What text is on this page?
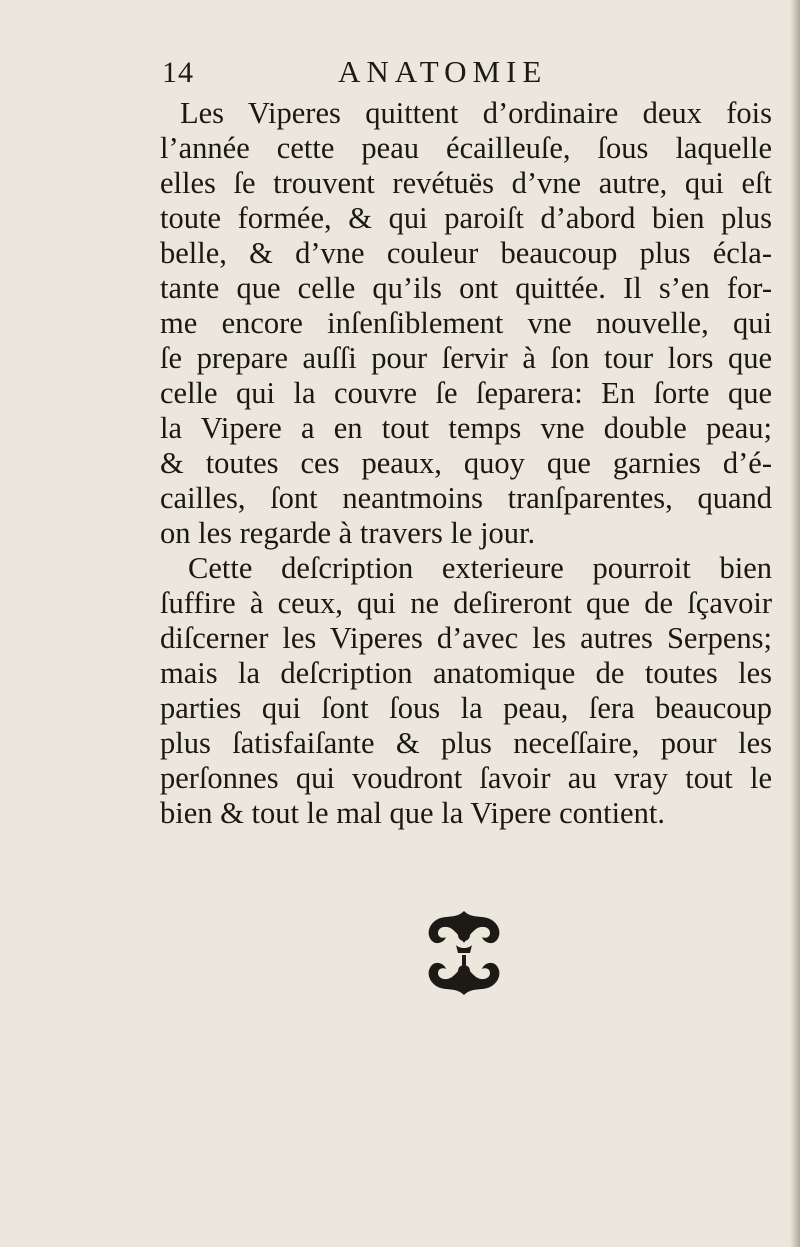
14	ANATOMIE
Les Viperes quittent d’ordinaire deux fois
l’année cette peau écailleuſe, ſous laquelle
elles ſe trouvent revétuës d’vne autre, qui eſt
toute formée, & qui paroiſt d’abord bien plus
belle, & d’vne couleur beaucoup plus écla-
tante que celle qu’ils ont quittée. Il s’en for-
me encore inſenſiblement vne nouvelle, qui
ſe prepare auſſi pour ſervir à ſon tour lors que
celle qui la couvre ſe ſeparera: En ſorte que
la Vipere a en tout temps vne double peau;
& toutes ces peaux, quoy que garnies d’é-
cailles, ſont neantmoins tranſparentes, quand
on les regarde à travers le jour.
Cette deſcription exterieure pourroit bien
ſuffire à ceux, qui ne deſireront que de ſçavoir
diſcerner les Viperes d’avec les autres Serpens;
mais la deſcription anatomique de toutes les
parties qui ſont ſous la peau, ſera beaucoup
plus ſatisfaiſante & plus neceſſaire, pour les
perſonnes qui voudront ſavoir au vray tout le
bien & tout le mal que la Vipere contient.
